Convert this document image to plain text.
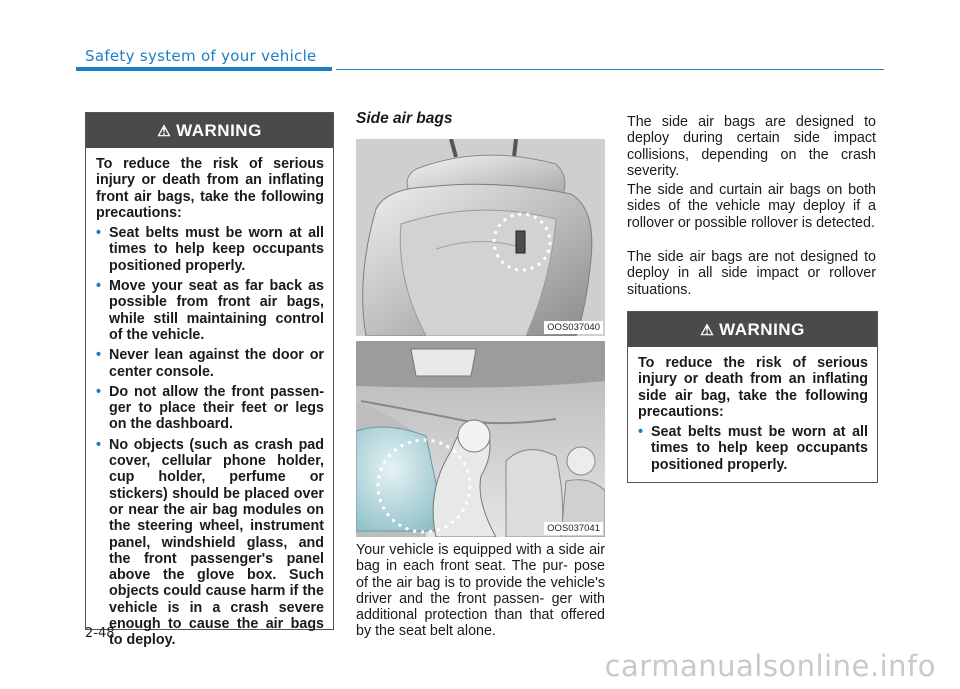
Safety system of your vehicle
⚠ WARNING

To reduce the risk of serious injury or death from an inflating front air bags, take the following precautions:

• Seat belts must be worn at all times to help keep occupants positioned properly.
• Move your seat as far back as possible from front air bags, while still maintaining control of the vehicle.
• Never lean against the door or center console.
• Do not allow the front passen- ger to place their feet or legs on the dashboard.
• No objects (such as crash pad cover, cellular phone holder, cup holder, perfume or stickers) should be placed over or near the air bag modules on the steering wheel, instrument panel, windshield glass, and the front passenger's panel above the glove box. Such objects could cause harm if the vehicle is in a crash severe enough to cause the air bags to deploy.
Side air bags
OOS037040
OOS037041

Your vehicle is equipped with a side air bag in each front seat. The pur- pose of the air bag is to provide the vehicle's driver and the front passen- ger with additional protection than that offered by the seat belt alone.

The side air bags are designed to deploy during certain side impact collisions, depending on the crash severity.

The side and curtain air bags on both sides of the vehicle may deploy if a rollover or possible rollover is detected.

The side air bags are not designed to deploy in all side impact or rollover situations.

⚠ WARNING

To reduce the risk of serious injury or death from an inflating side air bag, take the following precautions:

• Seat belts must be worn at all times to help keep occupants positioned properly.
2-48
carmanualsonline.info
